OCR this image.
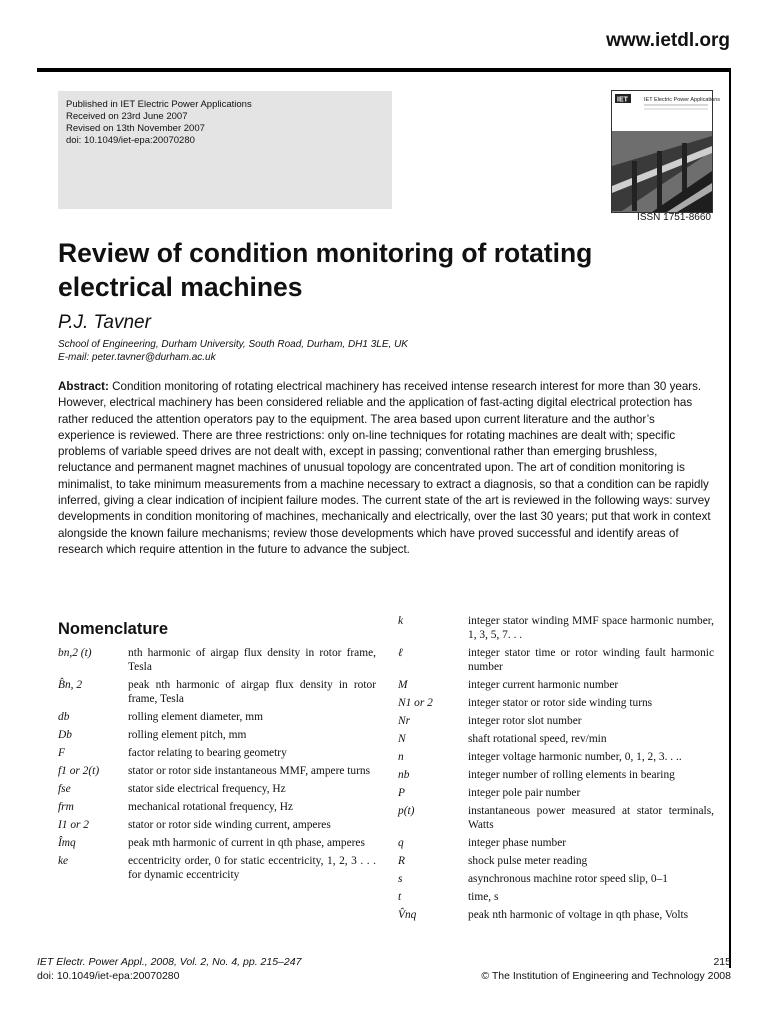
www.ietdl.org
Published in IET Electric Power Applications
Received on 23rd June 2007
Revised on 13th November 2007
doi: 10.1049/iet-epa:20070280
IET	IET Electric Power Applications
ISSN 1751-8660
Review of condition monitoring of rotating electrical machines
P.J. Tavner
School of Engineering, Durham University, South Road, Durham, DH1 3LE, UK
E-mail: peter.tavner@durham.ac.uk
Abstract: Condition monitoring of rotating electrical machinery has received intense research interest for more than 30 years. However, electrical machinery has been considered reliable and the application of fast-acting digital electrical protection has rather reduced the attention operators pay to the equipment. The area based upon current literature and the author’s experience is reviewed. There are three restrictions: only on-line techniques for rotating machines are dealt with; specific problems of variable speed drives are not dealt with, except in passing; conventional rather than emerging brushless, reluctance and permanent magnet machines of unusual topology are concentrated upon. The art of condition monitoring is minimalist, to take minimum measurements from a machine necessary to extract a diagnosis, so that a condition can be rapidly inferred, giving a clear indication of incipient failure modes. The current state of the art is reviewed in the following ways: survey developments in condition monitoring of machines, mechanically and electrically, over the last 30 years; put that work in context alongside the known failure mechanisms; review those developments which have proved successful and identify areas of research which require attention in the future to advance the subject.
Nomenclature
bn,2 (t)	nth harmonic of airgap flux density in rotor frame, Tesla
B̂n, 2	peak nth harmonic of airgap flux density in rotor frame, Tesla
db	rolling element diameter, mm
Db	rolling element pitch, mm
F	factor relating to bearing geometry
f1 or 2(t)	stator or rotor side instantaneous MMF, ampere turns
fse	stator side electrical frequency, Hz
frm	mechanical rotational frequency, Hz
I1 or 2	stator or rotor side winding current, amperes
Îmq	peak mth harmonic of current in qth phase, amperes
ke	eccentricity order, 0 for static eccentricity, 1, 2, 3 . . . for dynamic eccentricity
k	integer stator winding MMF space harmonic number, 1, 3, 5, 7. . .
ℓ	integer stator time or rotor winding fault harmonic number
M	integer current harmonic number
N1 or 2	integer stator or rotor side winding turns
Nr	integer rotor slot number
N	shaft rotational speed, rev/min
n	integer voltage harmonic number, 0, 1, 2, 3. . ..
nb	integer number of rolling elements in bearing
P	integer pole pair number
p(t)	instantaneous power measured at stator terminals, Watts
q	integer phase number
R	shock pulse meter reading
s	asynchronous machine rotor speed slip, 0–1
t	time, s
V̂nq	peak nth harmonic of voltage in qth phase, Volts
IET Electr. Power Appl., 2008, Vol. 2, No. 4, pp. 215–247
doi: 10.1049/iet-epa:20070280
215
© The Institution of Engineering and Technology 2008
